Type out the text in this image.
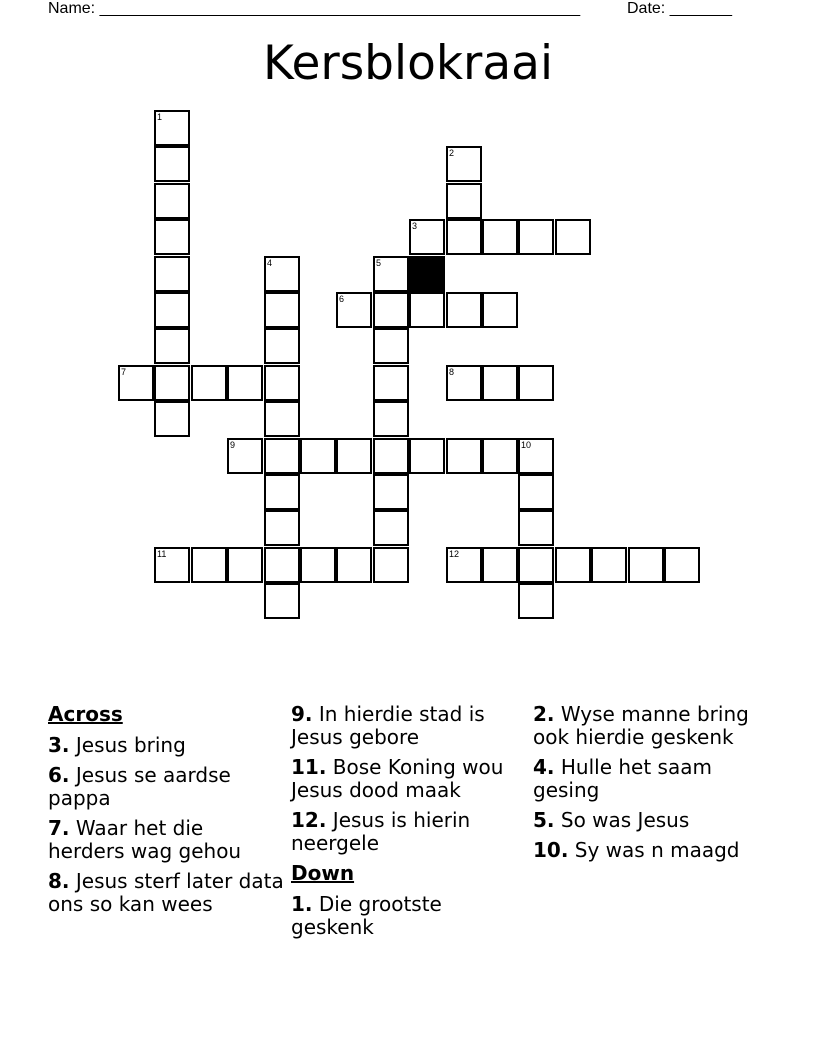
Name: ______________________________________________________	Date: _______
Kersblokraai
1
2
3
4	5
6
7	8
9	10
11	12
Across
3. Jesus bring
6. Jesus se aardse pappa
7. Waar het die herders wag gehou
8. Jesus sterf later data ons so kan wees
9. In hierdie stad is Jesus gebore
11. Bose Koning wou Jesus dood maak
12. Jesus is hierin neergele
Down
1. Die grootste geskenk
2. Wyse manne bring ook hierdie geskenk
4. Hulle het saam gesing
5. So was Jesus
10. Sy was n maagd
